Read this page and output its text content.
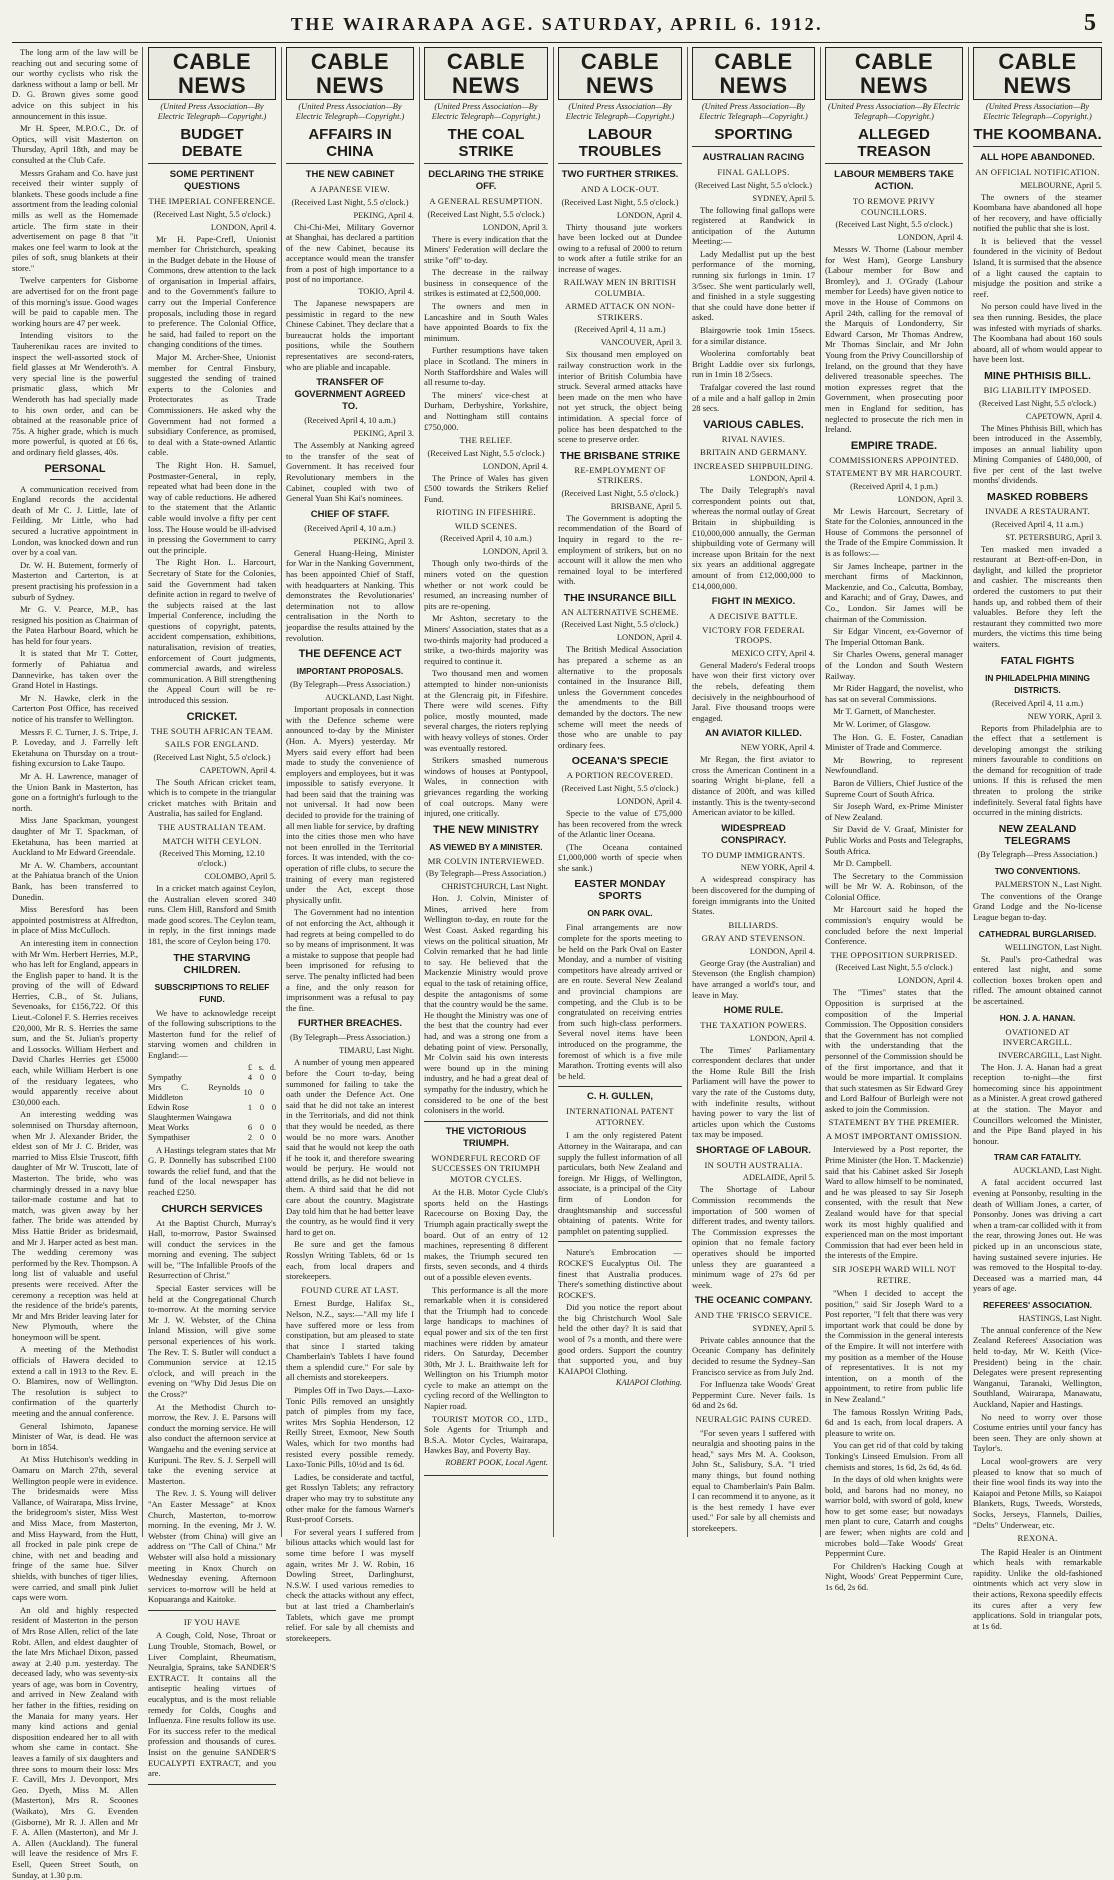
THE WAIRARAPA AGE. SATURDAY, APRIL 6. 1912.	5

The long arm of the law will be reaching out and securing some of our worthy cyclists who risk the darkness without a lamp or bell. Mr D. G. Brown gives some good advice on this subject in his announcement in this issue.

Mr H. Speer, M.P.O.C., Dr. of Optics, will visit Masterton on Thursday, April 18th, and may be consulted at the Club Cafe.

Messrs Graham and Co. have just received their winter supply of blankets. These goods include a fine assortment from the leading colonial mills as well as the Homemade article. The firm state in their advertisement on page 8 that "it makes one feel warm to look at the piles of soft, snug blankets at their store."

Twelve carpenters for Gisborne are advertised for on the front page of this morning's issue. Good wages will be paid to capable men. The working hours are 47 per week.

Intending visitors to the Tauherenikau races are invited to inspect the well-assorted stock of field glasses at Mr Wenderoth's. A very special line is the powerful prismatic glass, which Mr Wenderoth has had specially made to his own order, and can be obtained at the reasonable price of 75s. A higher grade, which is much more powerful, is quoted at £6 6s, and ordinary field glasses, 40s.

PERSONAL

A communication received from England records the accidental death of Mr C. J. Little, late of Feilding. Mr Little, who had secured a lucrative appointment in London, was knocked down and run over by a coal van.

Dr. W. H. Butement, formerly of Masterton and Carterton, is at present practising his profession in a suburb of Sydney.

Mr G. V. Pearce, M.P., has resigned his position as Chairman of the Patea Harbour Board, which he has held for four years.

It is stated that Mr T. Cotter, formerly of Pahiatua and Dannevirke, has taken over the Grand Hotel in Hastings.

Mr N. Hawke, clerk in the Carterton Post Office, has received notice of his transfer to Wellington.

Messrs F. C. Turner, J. S. Tripe, J. P. Loveday, and J. Farrelly left Eketahuna on Thursday on a trout-fishing excursion to Lake Taupo.

Mr A. H. Lawrence, manager of the Union Bank in Masterton, has gone on a fortnight's furlough to the north.

Miss Jane Spackman, youngest daughter of Mr T. Spackman, of Eketahuna, has been married at Auckland to Mr Edward Greendale.

Mr A. W. Chambers, accountant at the Pahiatua branch of the Union Bank, has been transferred to Dunedin.

Miss Beresford has been appointed postmistress at Alfredton, in place of Miss McCulloch.

An interesting item in connection with Mr Wm. Herbert Herries, M.P., who has left for England, appears in the English paper to hand. It is the proving of the will of Edward Herries, C.B., of St. Julians, Sevenoaks, for £156,722. Of this Lieut.-Colonel F. S. Herries receives £20,000, Mr R. S. Herries the same sum, and the St. Julian's property and Lossocks. William Herbert and David Charles Herries get £5000 each, while William Herbert is one of the residuary legatees, who would apparently receive about £30,000 each.

An interesting wedding was solemnised on Thursday afternoon, when Mr J. Alexander Brider, the eldest son of Mr J. C. Brider, was married to Miss Elsie Truscott, fifth daughter of Mr W. Truscott, late of Masterton. The bride, who was charmingly dressed in a navy blue tailor-made costume and hat to match, was given away by her father. The bride was attended by Miss Hattie Brider as bridesmaid, and Mr J. Harper acted as best man. The wedding ceremony was performed by the Rev. Thompson. A long list of valuable and useful presents were received. After the ceremony a reception was held at the residence of the bride's parents, Mr and Mrs Brider leaving later for New Plymouth, where the honeymoon will be spent.

A meeting of the Methodist officials of Hawera decided to extend a call in 1913 to the Rev. E. O. Blamires, now of Wellington. The resolution is subject to confirmation of the quarterly meeting and the annual conference.

General Ishimoto, Japanese Minister of War, is dead. He was born in 1854.

At Miss Hutchison's wedding in Oamaru on March 27th, several Wellington people were in evidence. The bridesmaids were Miss Vallance, of Wairarapa, Miss Irvine, the bridegroom's sister, Miss West and Miss Mace, from Masterton, and Miss Hayward, from the Hutt, all frocked in pale pink crepe de chine, with net and beading and fringe of the same hue. Silver shields, with bunches of tiger lilies, were carried, and small pink Juliet caps were worn.

An old and highly respected resident of Masterton in the person of Mrs Rose Allen, relict of the late Robt. Allen, and eldest daughter of the late Mrs Michael Dixon, passed away at 2.40 p.m. yesterday. The deceased lady, who was seventy-six years of age, was born in Coventry, and arrived in New Zealand with her father in the fifties, residing on the Manaia for many years. Her many kind actions and genial disposition endeared her to all with whom she came in contact. She leaves a family of six daughters and three sons to mourn their loss: Mrs F. Cavill, Mrs J. Devonport, Mrs Geo. Dyeth, Miss M. Allen (Masterton), Mrs R. Scoones (Waikato), Mrs G. Evenden (Gisborne), Mr R. J. Allen and Mr F. A. Allen (Masterton), and Mr J. A. Allen (Auckland). The funeral will leave the residence of Mrs F. Esell, Queen Street South, on Sunday, at 1.30 p.m.

CABLE NEWS
(United Press Association—By Electric Telegraph—Copyright.)
BUDGET DEBATE
SOME PERTINENT QUESTIONS
THE IMPERIAL CONFERENCE.
(Received Last Night, 5.5 o'clock.)
LONDON, April 4.

Mr H. Pape-Crefl, Unionist member for Christchurch, speaking in the Budget debate in the House of Commons, drew attention to the lack of organisation in Imperial affairs, and to the Government's failure to carry out the Imperial Conference proposals, including those in regard to preference. The Colonial Office, he said, had failed to report on the changing conditions of the times.

Major M. Archer-Shee, Unionist member for Central Finsbury, suggested the sending of trained experts to the Colonies and Protectorates as Trade Commissioners. He asked why the Government had not formed a subsidiary Conference, as promised, to deal with a State-owned Atlantic cable.

The Right Hon. H. Samuel, Postmaster-General, in reply, repeated what had been done in the way of cable reductions. He adhered to the statement that the Atlantic cable would involve a fifty per cent loss. The House would be ill-advised in pressing the Government to carry out the principle.

The Right Hon. L. Harcourt, Secretary of State for the Colonies, said the Government had taken definite action in regard to twelve of the subjects raised at the last Imperial Conference, including the questions of copyright, patents, accident compensation, exhibitions, naturalisation, revision of treaties, enforcement of Court judgments, commercial awards, and wireless communication. A Bill strengthening the Appeal Court will be re-introduced this session.

CRICKET.
THE SOUTH AFRICAN TEAM.
SAILS FOR ENGLAND.
(Received Last Night, 5.5 o'clock.)
CAPETOWN, April 4.

The South African cricket team, which is to compete in the triangular cricket matches with Britain and Australia, has sailed for England.

THE AUSTRALIAN TEAM.
MATCH WITH CEYLON.
(Received This Morning, 12.10 o'clock.)
COLOMBO, April 5.

In a cricket match against Ceylon, the Australian eleven scored 340 runs. Clem Hill, Ransford and Smith made good scores. The Ceylon team, in reply, in the first innings made 181, the score of Ceylon being 170.

THE STARVING CHILDREN.
SUBSCRIPTIONS TO RELIEF FUND.

We have to acknowledge receipt of the following subscriptions to the Masterton fund for the relief of starving women and children in England:—

	£	s.	d.
Sympathy	4	0	0
Mrs C. Reynolds Middleton	10	0	
Edwin Rose	1	0	0
Slaughtermen Waingawa			
Meat Works	6	0	0
Sympathiser	2	0	0

A Hastings telegram states that Mr G. P. Donnelly has subscribed £100 towards the relief fund, and that the fund of the local newspaper has reached £250.

CHURCH SERVICES

At the Baptist Church, Murray's Hall, to-morrow, Pastor Swainsed will conduct the services in the morning and evening. The subject will be, "The Infallible Proofs of the Resurrection of Christ."

Special Easter services will be held at the Congregational Church to-morrow. At the morning service Mr J. W. Webster, of the China Inland Mission, will give some personal experiences of his work. The Rev. T. S. Butler will conduct a Communion service at 12.15 o'clock, and will preach in the evening on "Why Did Jesus Die on the Cross?"

At the Methodist Church to-morrow, the Rev. J. E. Parsons will conduct the morning service. He will also conduct the afternoon service at Wangaehu and the evening service at Kuripuni. The Rev. S. J. Serpell will take the evening service at Masterton.

The Rev. J. S. Young will deliver "An Easter Message" at Knox Church, Masterton, to-morrow morning. In the evening, Mr J. W. Webster (from China) will give an address on "The Call of China." Mr Webster will also hold a missionary meeting in Knox Church on Wednesday evening. Afternoon services to-morrow will be held at Kopuaranga and Kaitoke.

IF YOU HAVE

A Cough, Cold, Nose, Throat or Lung Trouble, Stomach, Bowel, or Liver Complaint, Rheumatism, Neuralgia, Sprains, take SANDER'S EXTRACT. It contains all the antiseptic healing virtues of eucalyptus, and is the most reliable remedy for Colds, Coughs and Influenza. Fine results follow its use. For its success refer to the medical profession and thousands of cures. Insist on the genuine SANDER'S EUCALYPTI EXTRACT, and you are.

CABLE NEWS
(United Press Association—By Electric Telegraph—Copyright.)
AFFAIRS IN CHINA
THE NEW CABINET
A JAPANESE VIEW.
(Received Last Night, 5.5 o'clock.)
PEKING, April 4.

Chi-Chi-Mei, Military Governor at Shanghai, has declared a partition of the new Cabinet, because its acceptance would mean the transfer from a post of high importance to a post of no importance.

TOKIO, April 4.

The Japanese newspapers are pessimistic in regard to the new Chinese Cabinet. They declare that a bureaucrat holds the important positions, while the Southern representatives are second-raters, who are pliable and incapable.

TRANSFER OF GOVERNMENT AGREED TO.
(Received April 4, 10 a.m.)
PEKING, April 3.

The Assembly at Nanking agreed to the transfer of the seat of Government. It has received four Revolutionary members in the Cabinet, coupled with two of General Yuan Shi Kai's nominees.

CHIEF OF STAFF.
(Received April 4, 10 a.m.)
PEKING, April 3.

General Huang-Heing, Minister for War in the Nanking Government, has been appointed Chief of Staff, with headquarters at Nanking. This demonstrates the Revolutionaries' determination not to allow centralisation in the North to jeopardise the results attained by the revolution.

THE DEFENCE ACT
IMPORTANT PROPOSALS.
(By Telegraph—Press Association.)
AUCKLAND, Last Night.

Important proposals in connection with the Defence scheme were announced to-day by the Minister (Hon. A. Myers) yesterday. Mr Myers said every effort had been made to study the convenience of employers and employees, but it was impossible to satisfy everyone. It had been said that the training was not universal. It had now been decided to provide for the training of all men liable for service, by drafting into the cities those men who have not been enrolled in the Territorial forces. It was intended, with the co-operation of rifle clubs, to secure the training of every man registered under the Act, except those physically unfit.

The Government had no intention of not enforcing the Act, although it had regrets at being compelled to do so by means of imprisonment. It was a mistake to suppose that people had been imprisoned for refusing to serve. The penalty inflicted had been a fine, and the only reason for imprisonment was a refusal to pay the fine.

FURTHER BREACHES.
(By Telegraph—Press Association.)
TIMARU, Last Night.

A number of young men appeared before the Court to-day, being summoned for failing to take the oath under the Defence Act. One said that he did not take an interest in the Territorials, and did not think that they would be needed, as there would be no more wars. Another said that he would not keep the oath if he took it, and therefore swearing would be perjury. He would not attend drills, as he did not believe in them. A third said that he did not care about the country. Magistrate Day told him that he had better leave the country, as he would find it very hard to get on.

Be sure and get the famous Rosslyn Writing Tablets, 6d or 1s each, from local drapers and storekeepers.

FOUND CURE AT LAST.

Ernest Burdge, Halifax St., Nelson, N.Z., says:—"All my life I have suffered more or less from constipation, but am pleased to state that since I started taking Chamberlain's Tablets I have found them a splendid cure." For sale by all chemists and storekeepers.

Pimples Off in Two Days.—Laxo-Tonic Pills removed an unsightly patch of pimples from my face, writes Mrs Sophia Henderson, 12 Reilly Street, Exmoor, New South Wales, which for two months had resisted every possible remedy. Laxo-Tonic Pills, 10½d and 1s 6d.

Ladies, be considerate and tactful, get Rosslyn Tablets; any refractory draper who may try to substitute any other make for the famous Warner's Rust-proof Corsets.

For several years I suffered from bilious attacks which would last for some time before I was myself again, writes Mr J. W. Robin, 16 Dowling Street, Darlinghurst, N.S.W. I used various remedies to check the attacks without any effect, but at last tried a Chamberlain's Tablets, which gave me prompt relief. For sale by all chemists and storekeepers.

CABLE NEWS
(United Press Association—By Electric Telegraph—Copyright.)
THE COAL STRIKE
DECLARING THE STRIKE OFF.
A GENERAL RESUMPTION.
(Received Last Night, 5.5 o'clock.)
LONDON, April 3.

There is every indication that the Miners' Federation will declare the strike "off" to-day.

The decrease in the railway business in consequence of the strikes is estimated at £2,500,000.

The owners and men in Lancashire and in South Wales have appointed Boards to fix the minimum.

Further resumptions have taken place in Scotland. The miners in North Staffordshire and Wales will all resume to-day.

The miners' vice-chest at Durham, Derbyshire, Yorkshire, and Nottingham still contains £750,000.

THE RELIEF.
(Received Last Night, 5.5 o'clock.)
LONDON, April 4.

The Prince of Wales has given £500 towards the Strikers Relief Fund.

RIOTING IN FIFESHIRE.
WILD SCENES.
(Received April 4, 10 a.m.)
LONDON, April 3.

Though only two-thirds of the miners voted on the question whether or not work could be resumed, an increasing number of pits are re-opening.

Mr Ashton, secretary to the Miners' Association, states that as a two-thirds majority had produced a strike, a two-thirds majority was required to continue it.

Two thousand men and women attempted to hinder non-unionists at the Glencraig pit, in Fifeshire. There were wild scenes. Fifty police, mostly mounted, made several charges, the rioters replying with heavy volleys of stones. Order was eventually restored.

Strikers smashed numerous windows of houses at Pontypool, Wales, in connection with grievances regarding the working of coal outcrops. Many were injured, one critically.

THE NEW MINISTRY
AS VIEWED BY A MINISTER.
MR COLVIN INTERVIEWED.
(By Telegraph—Press Association.)
CHRISTCHURCH, Last Night.

Hon. J. Colvin, Minister of Mines, arrived here from Wellington to-day, en route for the West Coast. Asked regarding his views on the political situation, Mr Colvin remarked that he had little to say. He believed that the Mackenzie Ministry would prove equal to the task of retaining office, despite the antagonisms of some that the country would be the same. He thought the Ministry was one of the best that the country had ever had, and was a strong one from a debating point of view. Personally, Mr Colvin said his own interests were bound up in the mining industry, and he had a great deal of sympathy for the industry, which he considered to be one of the best colonisers in the world.

THE VICTORIOUS TRIUMPH.
WONDERFUL RECORD OF SUCCESSES ON TRIUMPH MOTOR CYCLES.

At the H.B. Motor Cycle Club's sports held on the Hastings Racecourse on Boxing Day, the Triumph again practically swept the board. Out of an entry of 12 machines, representing 8 different makes, the Triumph secured ten firsts, seven seconds, and 4 thirds out of a possible eleven events.

This performance is all the more remarkable when it is considered that the Triumph had to concede large handicaps to machines of equal power and six of the ten first machines were ridden by amateur riders. On Saturday, December 30th, Mr J. L. Braithwaite left for Wellington on his Triumph motor cycle to make an attempt on the cycling record of the Wellington to Napier road.

TOURIST MOTOR CO., LTD., Sole Agents for Triumph and B.S.A. Motor Cycles, Wairarapa, Hawkes Bay, and Poverty Bay.

ROBERT POOK, Local Agent.
CABLE NEWS
(United Press Association—By Electric Telegraph—Copyright.)
LABOUR TROUBLES
TWO FURTHER STRIKES.
AND A LOCK-OUT.
(Received Last Night, 5.5 o'clock.)
LONDON, April 4.

Thirty thousand jute workers have been locked out at Dundee owing to a refusal of 2000 to return to work after a futile strike for an increase of wages.

RAILWAY MEN IN BRITISH COLUMBIA.
ARMED ATTACK ON NON-STRIKERS.
(Received April 4, 11 a.m.)
VANCOUVER, April 3.

Six thousand men employed on railway construction work in the interior of British Columbia have struck. Several armed attacks have been made on the men who have not yet struck, the object being intimidation. A special force of police has been despatched to the scene to preserve order.

THE BRISBANE STRIKE
RE-EMPLOYMENT OF STRIKERS.
(Received Last Night, 5.5 o'clock.)
BRISBANE, April 5.

The Government is adopting the recommendation of the Board of Inquiry in regard to the re-employment of strikers, but on no account will it allow the men who remained loyal to be interfered with.

THE INSURANCE BILL
AN ALTERNATIVE SCHEME.
(Received Last Night, 5.5 o'clock.)
LONDON, April 4.

The British Medical Association has prepared a scheme as an alternative to the proposals contained in the Insurance Bill, unless the Government concedes the amendments to the Bill demanded by the doctors. The new scheme will meet the needs of those who are unable to pay ordinary fees.

OCEANA'S SPECIE
A PORTION RECOVERED.
(Received Last Night, 5.5 o'clock.)
LONDON, April 4.

Specie to the value of £75,000 has been recovered from the wreck of the Atlantic liner Oceana.

(The Oceana contained £1,000,000 worth of specie when she sank.)

EASTER MONDAY SPORTS
ON PARK OVAL.

Final arrangements are now complete for the sports meeting to be held on the Park Oval on Easter Monday, and a number of visiting competitors have already arrived or are en route. Several New Zealand and provincial champions are competing, and the Club is to be congratulated on receiving entries from such high-class performers. Several novel items have been introduced on the programme, the foremost of which is a five mile Marathon. Trotting events will also be held.

C. H. GULLEN,
INTERNATIONAL PATENT ATTORNEY.

I am the only registered Patent Attorney in the Wairarapa, and can supply the fullest information of all particulars, both New Zealand and foreign. Mr Higgs, of Wellington, associate, is a principal of the City firm of London for draughtsmanship and successful obtaining of patents. Write for pamphlet on patenting supplied.

Nature's Embrocation — ROCKE'S Eucalyptus Oil. The finest that Australia produces. There's something distinctive about ROCKE'S.

Did you notice the report about the big Christchurch Wool Sale held the other day? It is said that wool of 7s a month, and there were good orders. Support the country that supported you, and buy KAIAPOI Clothing.

KAIAPOI Clothing.
CABLE NEWS
(United Press Association—By Electric Telegraph—Copyright.)
SPORTING
AUSTRALIAN RACING
FINAL GALLOPS.
(Received Last Night, 5.5 o'clock.)
SYDNEY, April 5.

The following final gallops were registered at Randwick in anticipation of the Autumn Meeting:—

Lady Medallist put up the best performance of the morning, running six furlongs in 1min. 17 3/5sec. She went particularly well, and finished in a style suggesting that she could have done better if asked.

Blairgowrie took 1min 15secs. for a similar distance.

Woolerina comfortably beat Bright Laddie over six furlongs, run in 1min 18 2/5secs.

Trafalgar covered the last round of a mile and a half gallop in 2min 28 secs.

VARIOUS CABLES.
RIVAL NAVIES.
BRITAIN AND GERMANY.
INCREASED SHIPBUILDING.
LONDON, April 4.

The Daily Telegraph's naval correspondent points out that, whereas the normal outlay of Great Britain in shipbuilding is £10,000,000 annually, the German shipbuilding vote of Germany will increase upon Britain for the next six years an additional aggregate amount of from £12,000,000 to £14,000,000.

FIGHT IN MEXICO.
A DECISIVE BATTLE.
VICTORY FOR FEDERAL TROOPS.
MEXICO CITY, April 4.

General Madero's Federal troops have won their first victory over the rebels, defeating them decisively in the neighbourhood of Jaral. Five thousand troops were engaged.

AN AVIATOR KILLED.
NEW YORK, April 4.

Mr Regan, the first aviator to cross the American Continent in a soaring Wright bi-plane, fell a distance of 200ft, and was killed instantly. This is the twenty-second American aviator to be killed.

WIDESPREAD CONSPIRACY.
TO DUMP IMMIGRANTS.
NEW YORK, April 4.

A widespread conspiracy has been discovered for the dumping of foreign immigrants into the United States.

BILLIARDS.
GRAY AND STEVENSON.
LONDON, April 4.

George Gray (the Australian) and Stevenson (the English champion) have arranged a world's tour, and leave in May.

HOME RULE.
THE TAXATION POWERS.
LONDON, April 4.

The Times' Parliamentary correspondent declares that under the Home Rule Bill the Irish Parliament will have the power to vary the rate of the Customs duty, with indefinite results, without having power to vary the list of articles upon which the Customs tax may be imposed.

SHORTAGE OF LABOUR.
IN SOUTH AUSTRALIA.
ADELAIDE, April 5.

The Shortage of Labour Commission recommends the importation of 500 women of different trades, and twenty tailors. The Commission expresses the opinion that no female factory operatives should be imported unless they are guaranteed a minimum wage of 27s 6d per week.

THE OCEANIC COMPANY.
AND THE 'FRISCO SERVICE.
SYDNEY, April 5.

Private cables announce that the Oceanic Company has definitely decided to resume the Sydney–San Francisco service as from July 2nd.

For Influenza take Woods' Great Peppermint Cure. Never fails. 1s 6d and 2s 6d.

NEURALGIC PAINS CURED.

"For seven years I suffered with neuralgia and shooting pains in the head," says Mrs M. A. Cookson, John St., Salisbury, S.A. "I tried many things, but found nothing equal to Chamberlain's Pain Balm. I can recommend it to anyone, as it is the best remedy I have ever used." For sale by all chemists and storekeepers.

CABLE NEWS
(United Press Association—By Electric Telegraph—Copyright.)
ALLEGED TREASON
LABOUR MEMBERS TAKE ACTION.
TO REMOVE PRIVY COUNCILLORS.
(Received Last Night, 5.5 o'clock.)
LONDON, April 4.

Messrs W. Thorne (Labour member for West Ham), George Lansbury (Labour member for Bow and Bromley), and J. O'Grady (Labour member for Leeds) have given notice to move in the House of Commons on April 24th, calling for the removal of the Marquis of Londonderry, Sir Edward Carson, Mr Thomas Andrew, Mr Thomas Sinclair, and Mr John Young from the Privy Councillorship of Ireland, on the ground that they have delivered treasonable speeches. The motion expresses regret that the Government, when prosecuting poor men in England for sedition, has neglected to prosecute the rich men in Ireland.

EMPIRE TRADE.
COMMISSIONERS APPOINTED.
STATEMENT BY MR HARCOURT.
(Received April 4, 1 p.m.)
LONDON, April 3.

Mr Lewis Harcourt, Secretary of State for the Colonies, announced in the House of Commons the personnel of the Trade of the Empire Commission. It is as follows:—

Sir James Incheape, partner in the merchant firms of Mackinnon, Mackenzie, and Co., Calcutta, Bombay, and Karachi; and of Gray, Dawes, and Co., London. Sir James will be chairman of the Commission.

Sir Edgar Vincent, ex-Governor of The Imperial Ottoman Bank.

Sir Charles Owens, general manager of the London and South Western Railway.

Mr Rider Haggard, the novelist, who has sat on several Commissions.

Mr T. Garnett, of Manchester.

Mr W. Lorimer, of Glasgow.

The Hon. G. E. Foster, Canadian Minister of Trade and Commerce.

Mr Bowring, to represent Newfoundland.

Baron de Villiers, Chief Justice of the Supreme Court of South Africa.

Sir Joseph Ward, ex-Prime Minister of New Zealand.

Sir David de V. Graaf, Minister for Public Works and Posts and Telegraphs, South Africa.

Mr D. Campbell.

The Secretary to the Commission will be Mr W. A. Robinson, of the Colonial Office.

Mr Harcourt said he hoped the commission's enquiry would be concluded before the next Imperial Conference.

THE OPPOSITION SURPRISED.
(Received Last Night, 5.5 o'clock.)
LONDON, April 4.

The "Times" states that the Opposition is surprised at the composition of the Imperial Commission. The Opposition considers that the Government has not complied with the understanding that the personnel of the Commission should be of the first importance, and that it would be more impartial. It complains that such statesmen as Sir Edward Grey and Lord Balfour of Burleigh were not asked to join the Commission.

STATEMENT BY THE PREMIER.
A MOST IMPORTANT OMISSION.

Interviewed by a Post reporter, the Prime Minister (the Hon. T. Mackenzie) said that his Cabinet asked Sir Joseph Ward to allow himself to be nominated, and he was pleased to say Sir Joseph consented, with the result that New Zealand would have for that special work its most highly qualified and experienced man on the most important Commission that had ever been held in the interests of the Empire.

SIR JOSEPH WARD WILL NOT RETIRE.

"When I decided to accept the position," said Sir Joseph Ward to a Post reporter, "I felt that there was very important work that could be done by the Commission in the general interests of the Empire. It will not interfere with my position as a member of the House of representatives. It is not my intention, on a month of the appointment, to retire from public life in New Zealand."

The famous Rosslyn Writing Pads, 6d and 1s each, from local drapers. A pleasure to write on.

You can get rid of that cold by taking Tonking's Linseed Emulsion. From all chemists and stores, 1s 6d, 2s 6d, 4s 6d.

In the days of old when knights were bold, and barons had no money, no warrior bold, with sword of gold, knew how to get some ease; but nowadays men plant to cure, Catarrh and coughs are fewer; when nights are cold and microbes bold—Take Woods' Great Peppermint Cure.

For Children's Hacking Cough at Night, Woods' Great Peppermint Cure, 1s 6d, 2s 6d.

CABLE NEWS
(United Press Association—By Electric Telegraph—Copyright.)
THE KOOMBANA.
ALL HOPE ABANDONED.
AN OFFICIAL NOTIFICATION.
MELBOURNE, April 5.

The owners of the steamer Koombana have abandoned all hope of her recovery, and have officially notified the public that she is lost.

It is believed that the vessel foundered in the vicinity of Bedout Island, It is surmised that the absence of a light caused the captain to misjudge the position and strike a reef.

No person could have lived in the sea then running. Besides, the place was infested with myriads of sharks. The Koombana had about 160 souls aboard, all of whom would appear to have been lost.

MINE PHTHISIS BILL.
BIG LIABILITY IMPOSED.
(Received Last Night, 5.5 o'clock.)
CAPETOWN, April 4.

The Mines Phthisis Bill, which has been introduced in the Assembly, imposes an annual liability upon Mining Companies of £480,000, of five per cent of the last twelve months' dividends.

MASKED ROBBERS
INVADE A RESTAURANT.
(Received April 4, 11 a.m.)
ST. PETERSBURG, April 3.

Ten masked men invaded a restaurant at Bezt-off-en-Don, in daylight, and killed the proprietor and cashier. The miscreants then ordered the customers to put their hands up, and robbed them of their valuables. Before they left the restaurant they committed two more murders, the victims this time being waiters.

FATAL FIGHTS
IN PHILADELPHIA MINING DISTRICTS.
(Received April 4, 11 a.m.)
NEW YORK, April 3.

Reports from Philadelphia are to the effect that a settlement is developing amongst the striking miners favourable to conditions on the demand for recognition of trade unions. If this is refused the men threaten to prolong the strike indefinitely. Several fatal fights have occurred in the mining districts.

NEW ZEALAND TELEGRAMS
(By Telegraph—Press Association.)
TWO CONVENTIONS.
PALMERSTON N., Last Night.

The conventions of the Orange Grand Lodge and the No-license League began to-day.

CATHEDRAL BURGLARISED.
WELLINGTON, Last Night.

St. Paul's pro-Cathedral was entered last night, and some collection boxes broken open and rifled. The amount obtained cannot be ascertained.

HON. J. A. HANAN.
OVATIONED AT INVERCARGILL.
INVERCARGILL, Last Night.

The Hon. J. A. Hanan had a great reception to-night—the first homecoming since his appointment as a Minister. A great crowd gathered at the station. The Mayor and Councillors welcomed the Minister, and the Pipe Band played in his honour.

TRAM CAR FATALITY.
AUCKLAND, Last Night.

A fatal accident occurred last evening at Ponsonby, resulting in the death of William Jones, a carter, of Ponsonby. Jones was driving a cart when a tram-car collided with it from the rear, throwing Jones out. He was picked up in an unconscious state, having sustained severe injuries. He was removed to the Hospital to-day. Deceased was a married man, 44 years of age.

REFEREES' ASSOCIATION.
HASTINGS, Last Night.

The annual conference of the New Zealand Referees' Association was held to-day, Mr W. Keith (Vice-President) being in the chair. Delegates were present representing Wanganui, Taranaki, Wellington, Southland, Wairarapa, Manawatu, Auckland, Napier and Hastings.

No need to worry over those Costume entries until your fancy has been seen. They are only shown at Taylor's.

Local wool-growers are very pleased to know that so much of their fine wool finds its way into the Kaiapoi and Petone Mills, so Kaiapoi Blankets, Rugs, Tweeds, Worsteds, Socks, Jerseys, Flannels, Dailies, "Delts" Underwear, etc.

REXONA.

The Rapid Healer is an Ointment which heals with remarkable rapidity. Unlike the old-fashioned ointments which act very slow in their actions, Rexona speedily effects its cures after a very few applications. Sold in triangular pots, at 1s 6d.
